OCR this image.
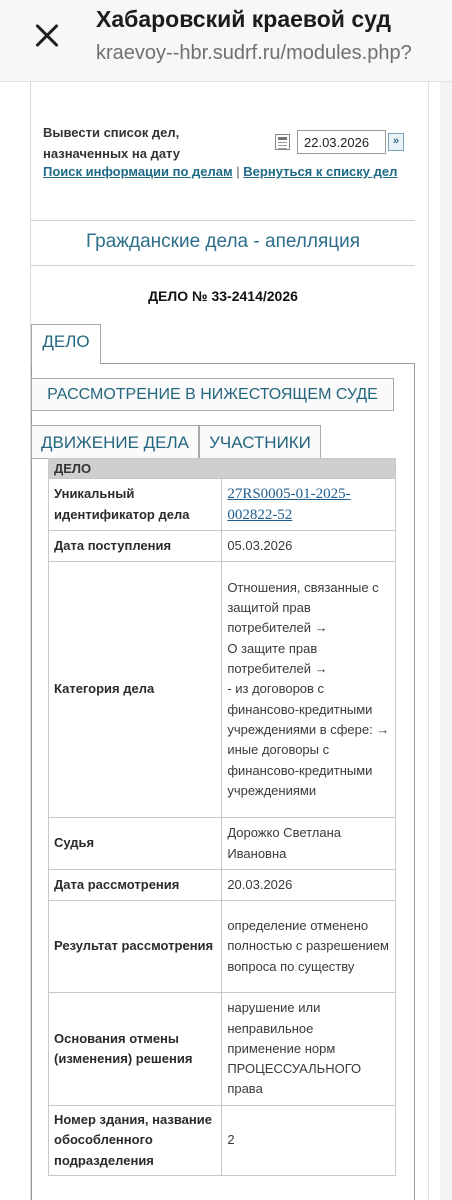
Хабаровский краевой суд
kraevoy--hbr.sudrf.ru/modules.php?
Вывести список дел, назначенных на дату
22.03.2026
»
Поиск информации по делам | Вернуться к списку дел
Гражданские дела - апелляция
ДЕЛО № 33-2414/2026
ДЕЛО
РАССМОТРЕНИЕ В НИЖЕСТОЯЩЕМ СУДЕ
ДВИЖЕНИЕ ДЕЛА	УЧАСТНИКИ
ДЕЛО	
Уникальный идентификатор дела	27RS0005-01-2025-002822-52
Дата поступления	05.03.2026
Категория дела	Отношения, связанные с защитой прав потребителей →
О защите прав потребителей →
- из договоров с финансово-кредитными учреждениями в сфере: →
иные договоры с финансово-кредитными учреждениями

Судья	Дорожко Светлана Ивановна
Дата рассмотрения	20.03.2026
Результат рассмотрения	определение отменено полностью с разрешением вопроса по существу
Основания отмены (изменения) решения	нарушение или неправильное применение норм ПРОЦЕССУАЛЬНОГО права
Номер здания, название обособленного подразделения	2
